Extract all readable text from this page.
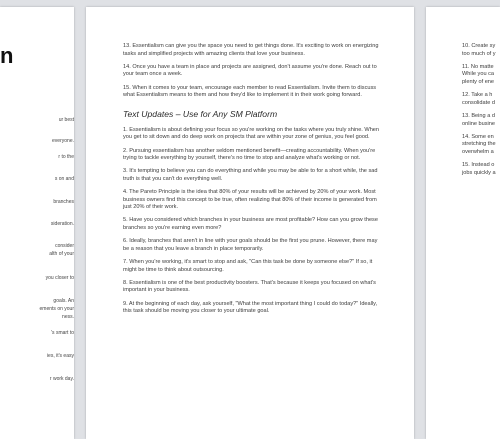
n
ur best
everyone.
r to the
s on and
branches
sideration.
consider
alth of your
you closer to
goals. An
ements on your
ness.
's smart to
ies, it's easy
r work day.

13. Essentialism can give you the space you need to get things done. It's exciting to work on energizing tasks and simplified projects with amazing clients that love your business.

14. Once you have a team in place and projects are assigned, don't assume you're done. Reach out to your team once a week.

15. When it comes to your team, encourage each member to read Essentialism. Invite them to discuss what Essentialism means to them and how they'd like to implement it in their work going forward.

Text Updates – Use for Any SM Platform

1. Essentialism is about defining your focus so you're working on the tasks where you truly shine. When you get to sit down and do deep work on projects that are within your zone of genius, you feel good.

2. Pursuing essentialism has another seldom mentioned benefit—creating accountability. When you're trying to tackle everything by yourself, there's no time to stop and analyze what's working or not.

3. It's tempting to believe you can do everything and while you may be able to for a short while, the sad truth is that you can't do everything well.

4. The Pareto Principle is the idea that 80% of your results will be achieved by 20% of your work. Most business owners find this concept to be true, often realizing that 80% of their income is generated from just 20% of their work.

5. Have you considered which branches in your business are most profitable? How can you grow these branches so you're earning even more?

6. Ideally, branches that aren't in line with your goals should be the first you prune. However, there may be a reason that you leave a branch in place temporarily.

7. When you're working, it's smart to stop and ask, "Can this task be done by someone else?" If so, it might be time to think about outsourcing.

8. Essentialism is one of the best productivity boosters. That's because it keeps you focused on what's important in your business.

9. At the beginning of each day, ask yourself, "What the most important thing I could do today?" Ideally, this task should be moving you closer to your ultimate goal.

10. Create sy
too much of y
11. No matte
While you ca
plenty of ene
12. Take a h
consolidate d
13. Being a d
online busine
14. Some en
stretching the
overwhelm a
15. Instead o
jobs quickly a
